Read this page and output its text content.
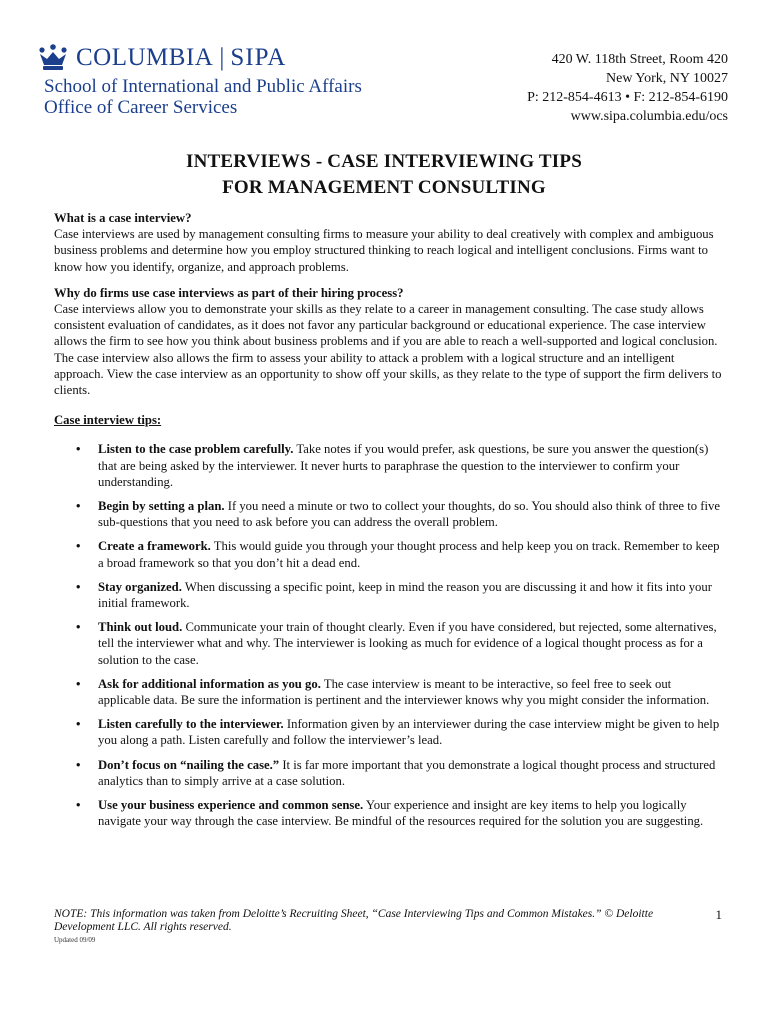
COLUMBIA | SIPA
School of International and Public Affairs
Office of Career Services
420 W. 118th Street, Room 420
New York, NY 10027
P: 212-854-4613 • F: 212-854-6190
www.sipa.columbia.edu/ocs
INTERVIEWS - CASE INTERVIEWING TIPS
FOR MANAGEMENT CONSULTING

What is a case interview?

Case interviews are used by management consulting firms to measure your ability to deal creatively with complex and ambiguous business problems and determine how you employ structured thinking to reach logical and intelligent conclusions. Firms want to know how you identify, organize, and approach problems.

Why do firms use case interviews as part of their hiring process?

Case interviews allow you to demonstrate your skills as they relate to a career in management consulting. The case study allows consistent evaluation of candidates, as it does not favor any particular background or educational experience. The case interview allows the firm to see how you think about business problems and if you are able to reach a well-supported and logical conclusion. The case interview also allows the firm to assess your ability to attack a problem with a logical structure and an intelligent approach. View the case interview as an opportunity to show off your skills, as they relate to the type of support the firm delivers to clients.

Case interview tips:

• Listen to the case problem carefully. Take notes if you would prefer, ask questions, be sure you answer the question(s) that are being asked by the interviewer. It never hurts to paraphrase the question to the interviewer to confirm your understanding.
• Begin by setting a plan. If you need a minute or two to collect your thoughts, do so. You should also think of three to five sub-questions that you need to ask before you can address the overall problem.
• Create a framework. This would guide you through your thought process and help keep you on track. Remember to keep a broad framework so that you don’t hit a dead end.
• Stay organized. When discussing a specific point, keep in mind the reason you are discussing it and how it fits into your initial framework.
• Think out loud. Communicate your train of thought clearly. Even if you have considered, but rejected, some alternatives, tell the interviewer what and why. The interviewer is looking as much for evidence of a logical thought process as for a solution to the case.
• Ask for additional information as you go. The case interview is meant to be interactive, so feel free to seek out applicable data. Be sure the information is pertinent and the interviewer knows why you might consider the information.
• Listen carefully to the interviewer. Information given by an interviewer during the case interview might be given to help you along a path. Listen carefully and follow the interviewer’s lead.
• Don’t focus on “nailing the case.” It is far more important that you demonstrate a logical thought process and structured analytics than to simply arrive at a case solution.
• Use your business experience and common sense. Your experience and insight are key items to help you logically navigate your way through the case interview. Be mindful of the resources required for the solution you are suggesting.
NOTE: This information was taken from Deloitte’s Recruiting Sheet, “Case Interviewing Tips and Common Mistakes.” © Deloitte Development LLC. All rights reserved.
Updated 09/09
1
